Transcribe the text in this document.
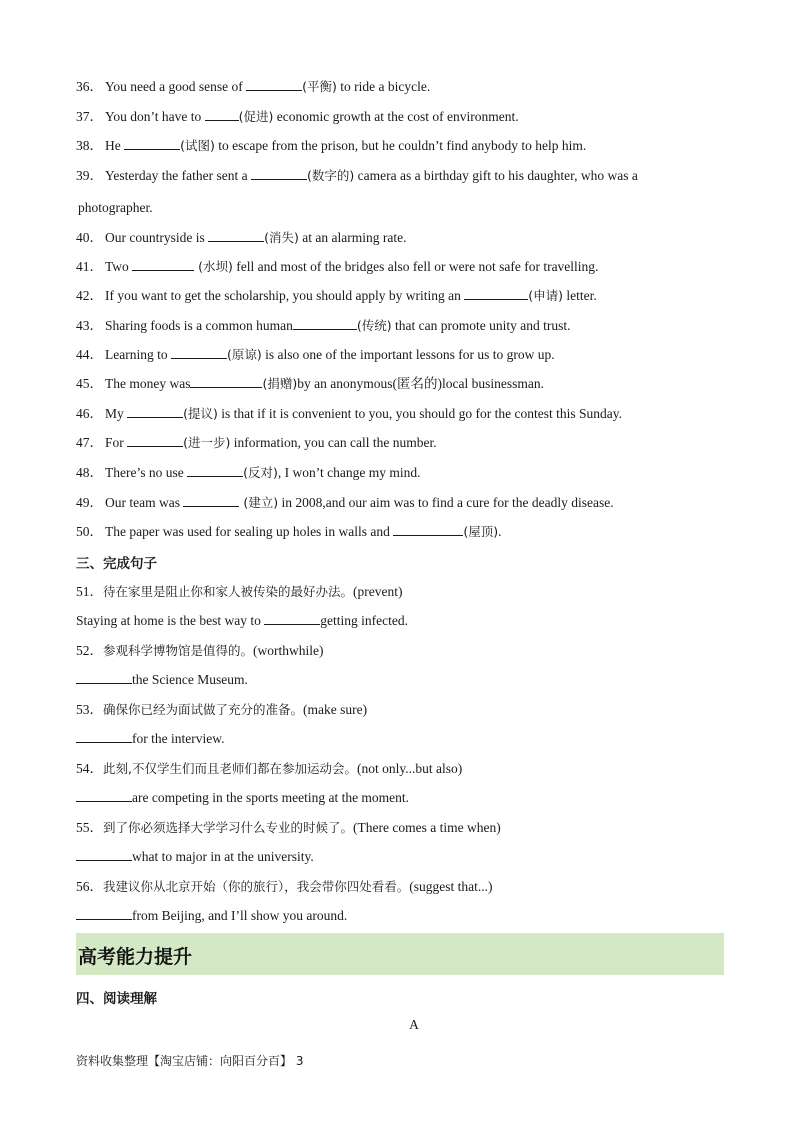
36． You need a good sense of	(平衡) to ride a bicycle.
37． You don’t have to	(促进) economic growth at the cost of environment.
38． He	(试图) to escape from the prison, but he couldn’t find anybody to help him.
39． Yesterday the father sent a	(数字的) camera as a birthday gift to his daughter, who was a
photographer.
40． Our countryside is	(消失) at an alarming rate.
41． Two	(水坝) fell and most of the bridges also fell or were not safe for travelling.
42． If you want to get the scholarship, you should apply by writing an	(申请) letter.
43． Sharing foods is a common human	(传统) that can promote unity and trust.
44． Learning to	(原谅) is also one of the important lessons for us to grow up.
45． The money was	(捐赠)by an anonymous(匿名的)local businessman.
46． My	(提议) is that if it is convenient to you, you should go for the contest this Sunday.
47． For	(进一步) information, you can call the number.
48． There’s no use	(反对), I won’t change my mind.
49． Our team was	(建立) in 2008,and our aim was to find a cure for the deadly disease.
50． The paper was used for sealing up holes in walls and	(屋顶).
三、完成句子
51．待在家里是阻止你和家人被传染的最好办法。(prevent)
Staying at home is the best way to	getting infected.
52．参观科学博物馆是值得的。(worthwhile)
the Science Museum.
53．确保你已经为面试做了充分的准备。(make sure)
for the interview.
54．此刻,不仅学生们而且老师们都在参加运动会。(not only...but also)
are competing in the sports meeting at the moment.
55．到了你必须选择大学学习什么专业的时候了。(There comes a time when)
what to major in at the university.
56．我建议你从北京开始（你的旅行），我会带你四处看看。(suggest that...)
from Beijing, and I’ll show you around.
高考能力提升
四、阅读理解
A
资料收集整理【淘宝店铺：向阳百分百】 3
